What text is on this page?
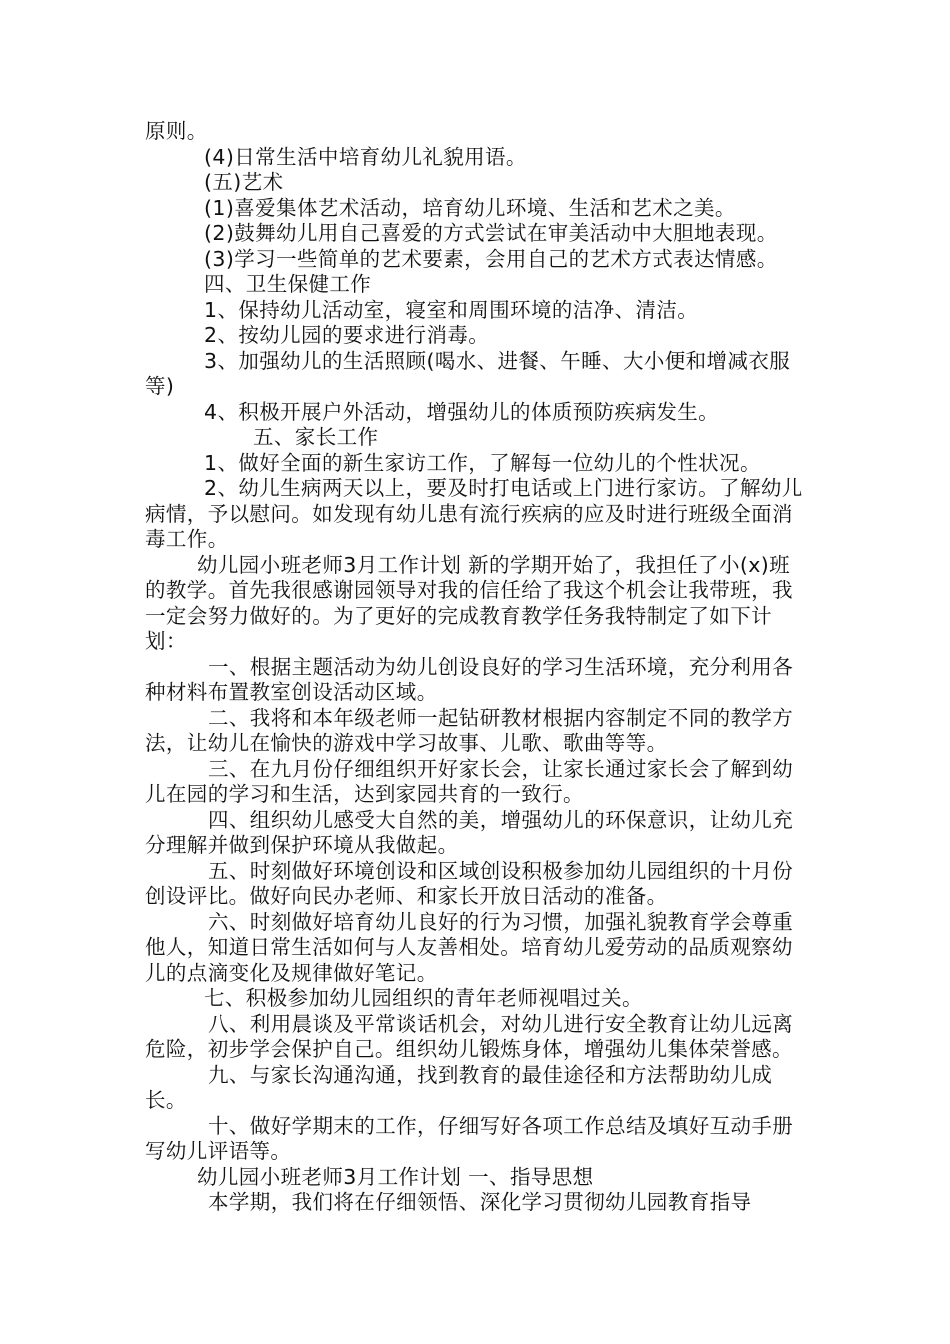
原则。

(4)日常生活中培育幼儿礼貌用语。

(五)艺术

(1)喜爱集体艺术活动，培育幼儿环境、生活和艺术之美。

(2)鼓舞幼儿用自己喜爱的方式尝试在审美活动中大胆地表现。

(3)学习一些简单的艺术要素，会用自己的艺术方式表达情感。

四、卫生保健工作

1、保持幼儿活动室，寝室和周围环境的洁净、清洁。

2、按幼儿园的要求进行消毒。

3、加强幼儿的生活照顾(喝水、进餐、午睡、大小便和增减衣服等)

4、积极开展户外活动，增强幼儿的体质预防疾病发生。

五、家长工作

1、做好全面的新生家访工作，了解每一位幼儿的个性状况。

2、幼儿生病两天以上，要及时打电话或上门进行家访。了解幼儿病情，予以慰问。如发现有幼儿患有流行疾病的应及时进行班级全面消毒工作。

幼儿园小班老师3月工作计划 新的学期开始了，我担任了小(x)班的教学。首先我很感谢园领导对我的信任给了我这个机会让我带班，我一定会努力做好的。为了更好的完成教育教学任务我特制定了如下计划：

一、根据主题活动为幼儿创设良好的学习生活环境，充分利用各种材料布置教室创设活动区域。

二、我将和本年级老师一起钻研教材根据内容制定不同的教学方法，让幼儿在愉快的游戏中学习故事、儿歌、歌曲等等。

三、在九月份仔细组织开好家长会，让家长通过家长会了解到幼儿在园的学习和生活，达到家园共育的一致行。

四、组织幼儿感受大自然的美，增强幼儿的环保意识，让幼儿充分理解并做到保护环境从我做起。

五、时刻做好环境创设和区域创设积极参加幼儿园组织的十月份创设评比。做好向民办老师、和家长开放日活动的准备。

六、时刻做好培育幼儿良好的行为习惯，加强礼貌教育学会尊重他人，知道日常生活如何与人友善相处。培育幼儿爱劳动的品质观察幼儿的点滴变化及规律做好笔记。

七、积极参加幼儿园组织的青年老师视唱过关。

八、利用晨谈及平常谈话机会，对幼儿进行安全教育让幼儿远离危险，初步学会保护自己。组织幼儿锻炼身体，增强幼儿集体荣誉感。

九、与家长沟通沟通，找到教育的最佳途径和方法帮助幼儿成长。

十、做好学期末的工作，仔细写好各项工作总结及填好互动手册写幼儿评语等。

幼儿园小班老师3月工作计划 一、指导思想

本学期，我们将在仔细领悟、深化学习贯彻幼儿园教育指导
